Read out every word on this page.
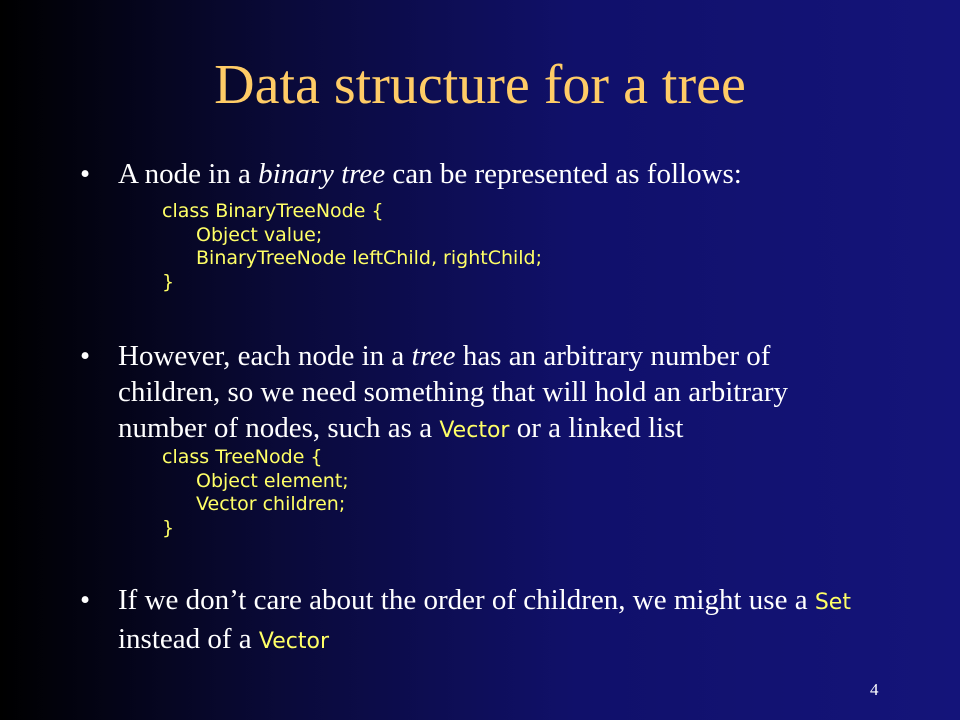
Data structure for a tree
• A node in a binary tree can be represented as follows:
class BinaryTreeNode {
Object value;
BinaryTreeNode leftChild, rightChild;
}
• However, each node in a tree has an arbitrary number of children, so we need something that will hold an arbitrary number of nodes, such as a Vector or a linked list
class TreeNode {
Object element;
Vector children;
}
• If we don’t care about the order of children, we might use a Set instead of a Vector
4
